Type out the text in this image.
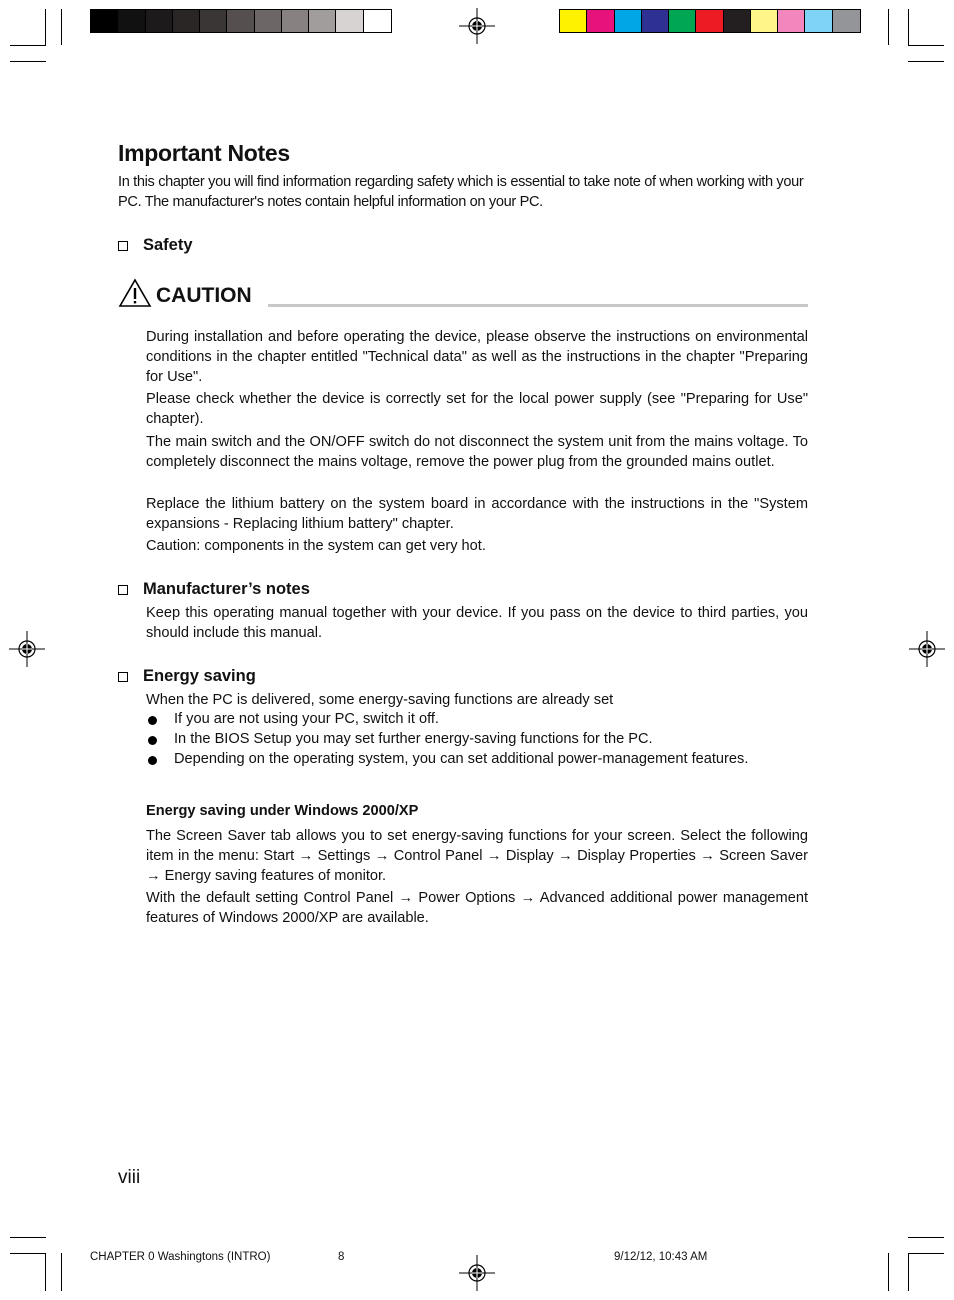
Important Notes

In this chapter you will find information regarding safety which is essential to take note of when working with your PC. The manufacturer's notes contain helpful information on your PC.

Safety
CAUTION

During installation and before operating the device, please observe the instructions on environmental conditions in the chapter entitled "Technical data" as well as the instructions in the chapter "Preparing for Use".

Please check whether the device is correctly set for the local power supply (see "Preparing for Use" chapter).

The main switch and the ON/OFF switch do not disconnect the system unit from the mains voltage. To completely disconnect the mains voltage, remove the power plug from the grounded mains outlet.

Replace the lithium battery on the system board in accordance with the instructions in the "System expansions - Replacing lithium battery" chapter.

Caution: components in the system can get very hot.

Manufacturer’s notes

Keep this operating manual together with your device. If you pass on the device to third parties, you should include this manual.

Energy saving

When the PC is delivered, some energy-saving functions are already set

If you are not using your PC, switch it off.
In the BIOS Setup you may set further energy-saving functions for the PC.
Depending on the operating system, you can set additional power-management features.
Energy saving under Windows 2000/XP

The Screen Saver tab allows you to set energy-saving functions for your screen. Select the following item in the menu: Start → Settings → Control Panel → Display → Display Properties → Screen Saver → Energy saving features of monitor.

With the default setting Control Panel → Power Options → Advanced additional power management features of Windows 2000/XP are available.

viii
CHAPTER 0 Washingtons (INTRO)	8	9/12/12, 10:43 AM
